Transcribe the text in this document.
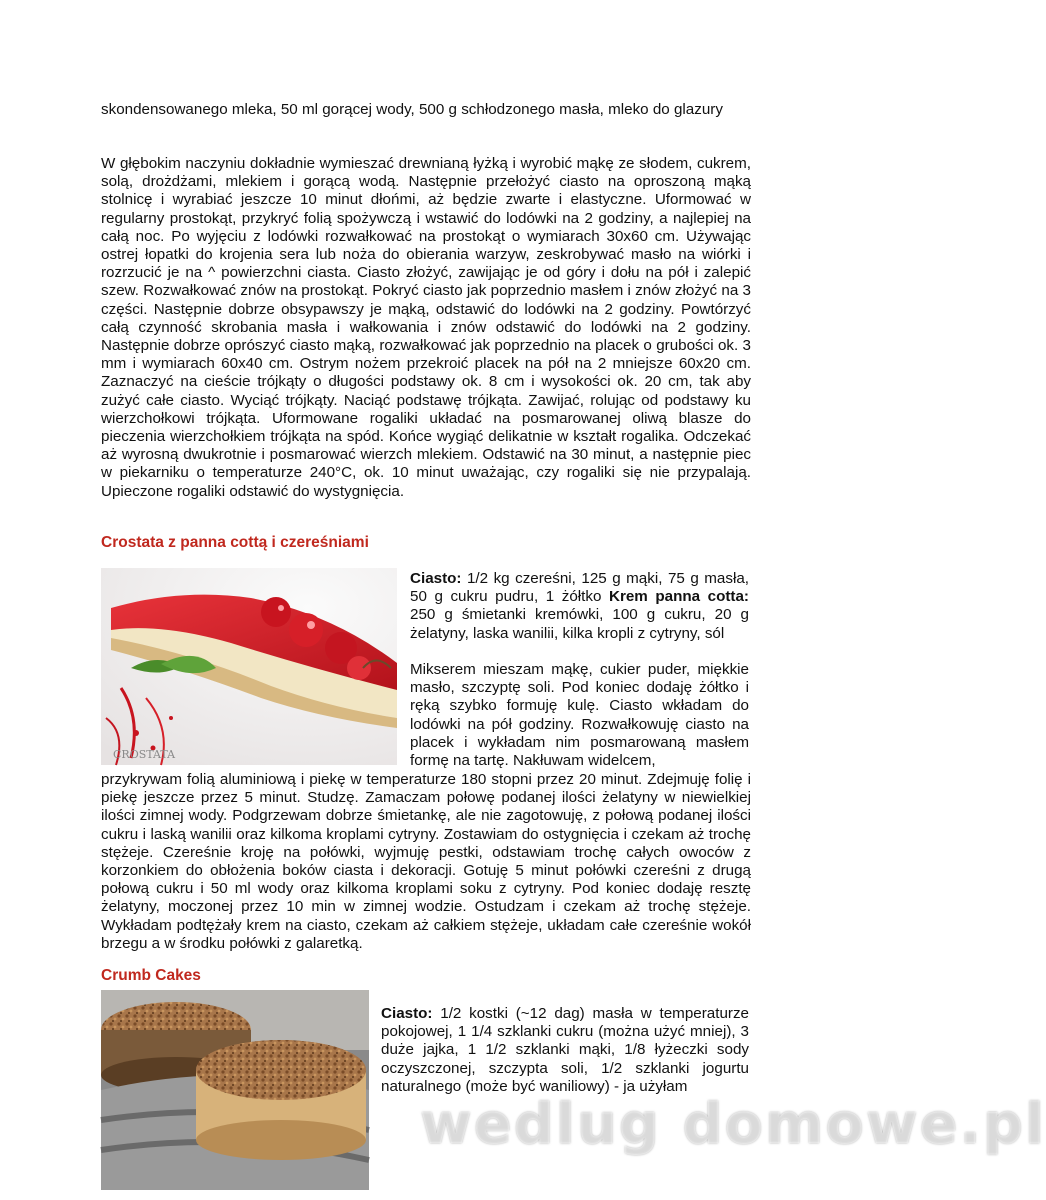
skondensowanego mleka, 50 ml gorącej wody, 500 g schłodzonego masła, mleko do glazury

W głębokim naczyniu dokładnie wymieszać drewnianą łyżką i wyrobić mąkę ze słodem, cukrem, solą, drożdżami, mlekiem i gorącą wodą. Następnie przełożyć ciasto na oproszoną mąką stolnicę i wyrabiać jeszcze 10 minut dłońmi, aż będzie zwarte i elastyczne. Uformować w regularny prostokąt, przykryć folią spożywczą i wstawić do lodówki na 2 godziny, a najlepiej na całą noc. Po wyjęciu z lodówki rozwałkować na prostokąt o wymiarach 30x60 cm. Używając ostrej łopatki do krojenia sera lub noża do obierania warzyw, zeskrobywać masło na wiórki i rozrzucić je na ^ powierzchni ciasta. Ciasto złożyć, zawijając je od góry i dołu na pół i zalepić szew. Rozwałkować znów na prostokąt. Pokryć ciasto jak poprzednio masłem i znów złożyć na 3 części. Następnie dobrze obsypawszy je mąką, odstawić do lodówki na 2 godziny. Powtórzyć całą czynność skrobania masła i wałkowania i znów odstawić do lodówki na 2 godziny. Następnie dobrze oprószyć ciasto mąką, rozwałkować jak poprzednio na placek o grubości ok. 3 mm i wymiarach 60x40 cm. Ostrym nożem przekroić placek na pół na 2 mniejsze 60x20 cm. Zaznaczyć na cieście trójkąty o długości podstawy ok. 8 cm i wysokości ok. 20 cm, tak aby zużyć całe ciasto. Wyciąć trójkąty. Naciąć podstawę trójkąta. Zawijać, rolując od podstawy ku wierzchołkowi trójkąta. Uformowane rogaliki układać na posmarowanej oliwą blasze do pieczenia wierzchołkiem trójkąta na spód. Końce wygiąć delikatnie w kształt rogalika. Odczekać aż wyrosną dwukrotnie i posmarować wierzch mlekiem. Odstawić na 30 minut, a następnie piec w piekarniku o temperaturze 240°C, ok. 10 minut uważając, czy rogaliki się nie przypalają. Upieczone rogaliki odstawić do wystygnięcia.

Crostata z panna cottą i czereśniami
CROSTATA

Ciasto: 1/2 kg czereśni, 125 g mąki, 75 g masła, 50 g cukru pudru, 1 żółtko Krem panna cotta: 250 g śmietanki kremówki, 100 g cukru, 20 g żelatyny, laska wanilii, kilka kropli z cytryny, sól

Mikserem mieszam mąkę, cukier puder, miękkie masło, szczyptę soli. Pod koniec dodaję żółtko i ręką szybko formuję kulę. Ciasto wkładam do lodówki na pół godziny. Rozwałkowuję ciasto na placek i wykładam nim posmarowaną masłem formę na tartę. Nakłuwam widelcem,

przykrywam folią aluminiową i piekę w temperaturze 180 stopni przez 20 minut. Zdejmuję folię i piekę jeszcze przez 5 minut. Studzę. Zamaczam połowę podanej ilości żelatyny w niewielkiej ilości zimnej wody. Podgrzewam dobrze śmietankę, ale nie zagotowuję, z połową podanej ilości cukru i laską wanilii oraz kilkoma kroplami cytryny. Zostawiam do ostygnięcia i czekam aż trochę stężeje. Czereśnie kroję na połówki, wyjmuję pestki, odstawiam trochę całych owoców z korzonkiem do obłożenia boków ciasta i dekoracji. Gotuję 5 minut połówki czereśni z drugą połową cukru i 50 ml wody oraz kilkoma kroplami soku z cytryny. Pod koniec dodaję resztę żelatyny, moczonej przez 10 min w zimnej wodzie. Ostudzam i czekam aż trochę stężeje. Wykładam podtężały krem na ciasto, czekam aż całkiem stężeje, układam całe czereśnie wokół brzegu a w środku połówki z galaretką.

Crumb Cakes

Ciasto: 1/2 kostki (~12 dag) masła w temperaturze pokojowej, 1 1/4 szklanki cukru (można użyć mniej), 3 duże jajka, 1 1/2 szklanki mąki, 1/8 łyżeczki sody oczyszczonej, szczypta soli, 1/2 szklanki jogurtu naturalnego (może być waniliowy) - ja użyłam

wedlug domowe.pl
